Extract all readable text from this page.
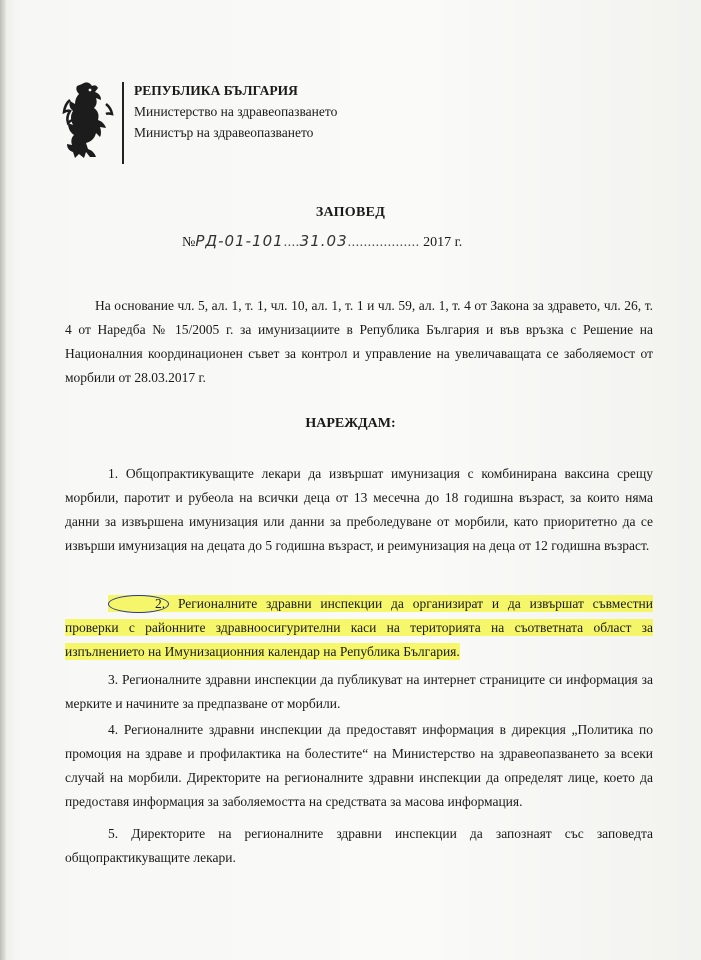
РЕПУБЛИКА БЪЛГАРИЯ
Министерство на здравеопазването
Министър на здравеопазването
ЗАПОВЕД
№РД-01-101....31.03.................. 2017 г.
На основание чл. 5, ал. 1, т. 1, чл. 10, ал. 1, т. 1 и чл. 59, ал. 1, т. 4 от Закона за здравето, чл. 26, т. 4 от Наредба № 15/2005 г. за имунизациите в Република България и във връзка с Решение на Националния координационен съвет за контрол и управление на увеличаващата се заболяемост от морбили от 28.03.2017 г.
НАРЕЖДАМ:
1. Общопрактикуващите лекари да извършат имунизация с комбинирана ваксина срещу морбили, паротит и рубеола на всички деца от 13 месечна до 18 годишна възраст, за които няма данни за извършена имунизация или данни за преболедуване от морбили, като приоритетно да се извърши имунизация на децата до 5 годишна възраст, и реимунизация на деца от 12 годишна възраст.
2. Регионалните здравни инспекции да организират и да извършат съвместни проверки с районните здравноосигурителни каси на територията на съответната област за изпълнението на Имунизационния календар на Република България.
3. Регионалните здравни инспекции да публикуват на интернет страниците си информация за мерките и начините за предпазване от морбили.
4. Регионалните здравни инспекции да предоставят информация в дирекция „Политика по промоция на здраве и профилактика на болестите“ на Министерство на здравеопазването за всеки случай на морбили. Директорите на регионалните здравни инспекции да определят лице, което да предоставя информация за заболяемостта на средствата за масова информация.
5. Директорите на регионалните здравни инспекции да запознаят със заповедта общопрактикуващите лекари.
